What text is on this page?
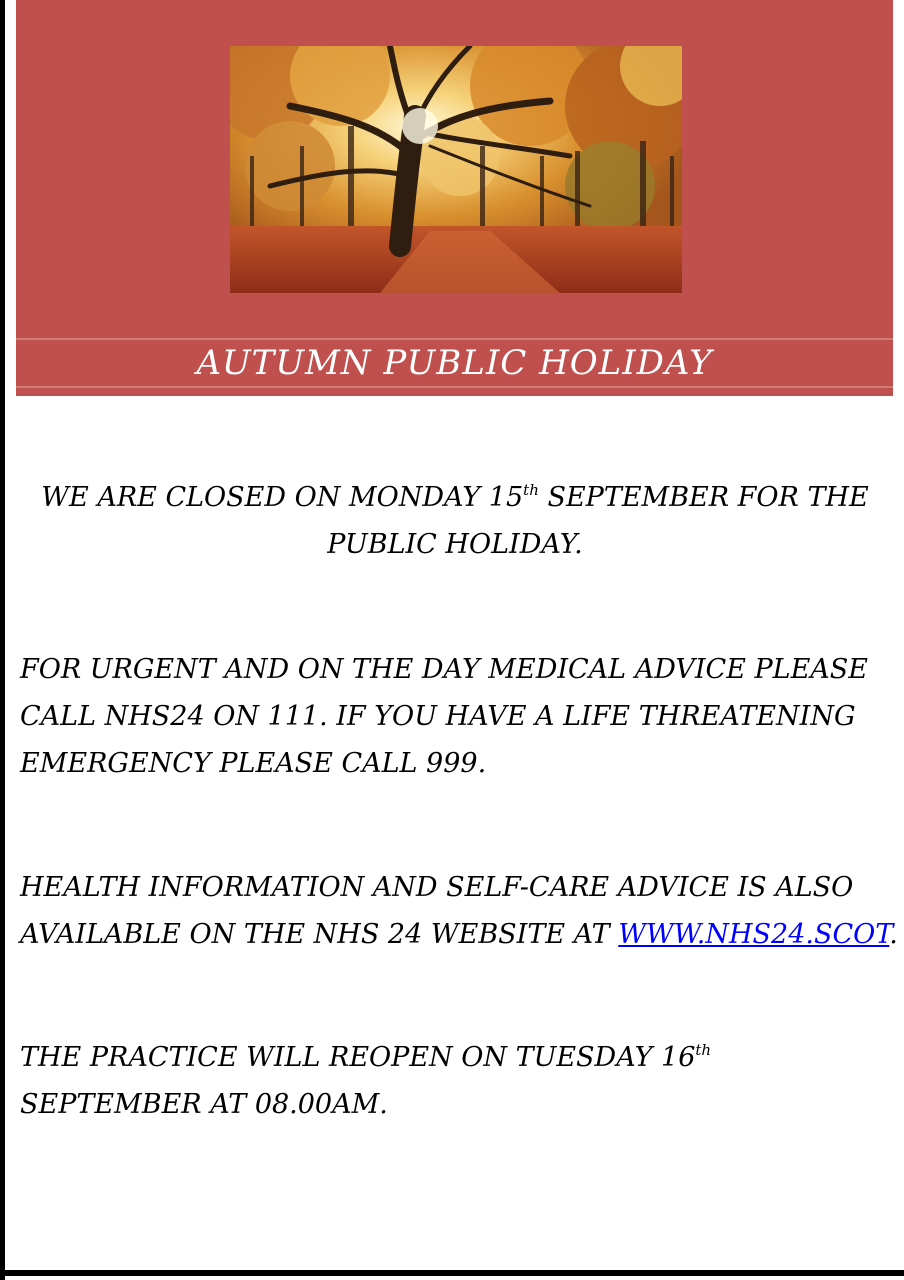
AUTUMN PUBLIC HOLIDAY
WE ARE CLOSED ON MONDAY 15th SEPTEMBER FOR THE PUBLIC HOLIDAY.
FOR URGENT AND ON THE DAY MEDICAL ADVICE PLEASE CALL NHS24 ON 111. IF YOU HAVE A LIFE THREATENING EMERGENCY PLEASE CALL 999.
HEALTH INFORMATION AND SELF-CARE ADVICE IS ALSO AVAILABLE ON THE NHS 24 WEBSITE AT WWW.NHS24.SCOT.
THE PRACTICE WILL REOPEN ON TUESDAY 16th SEPTEMBER AT 08.00AM.
